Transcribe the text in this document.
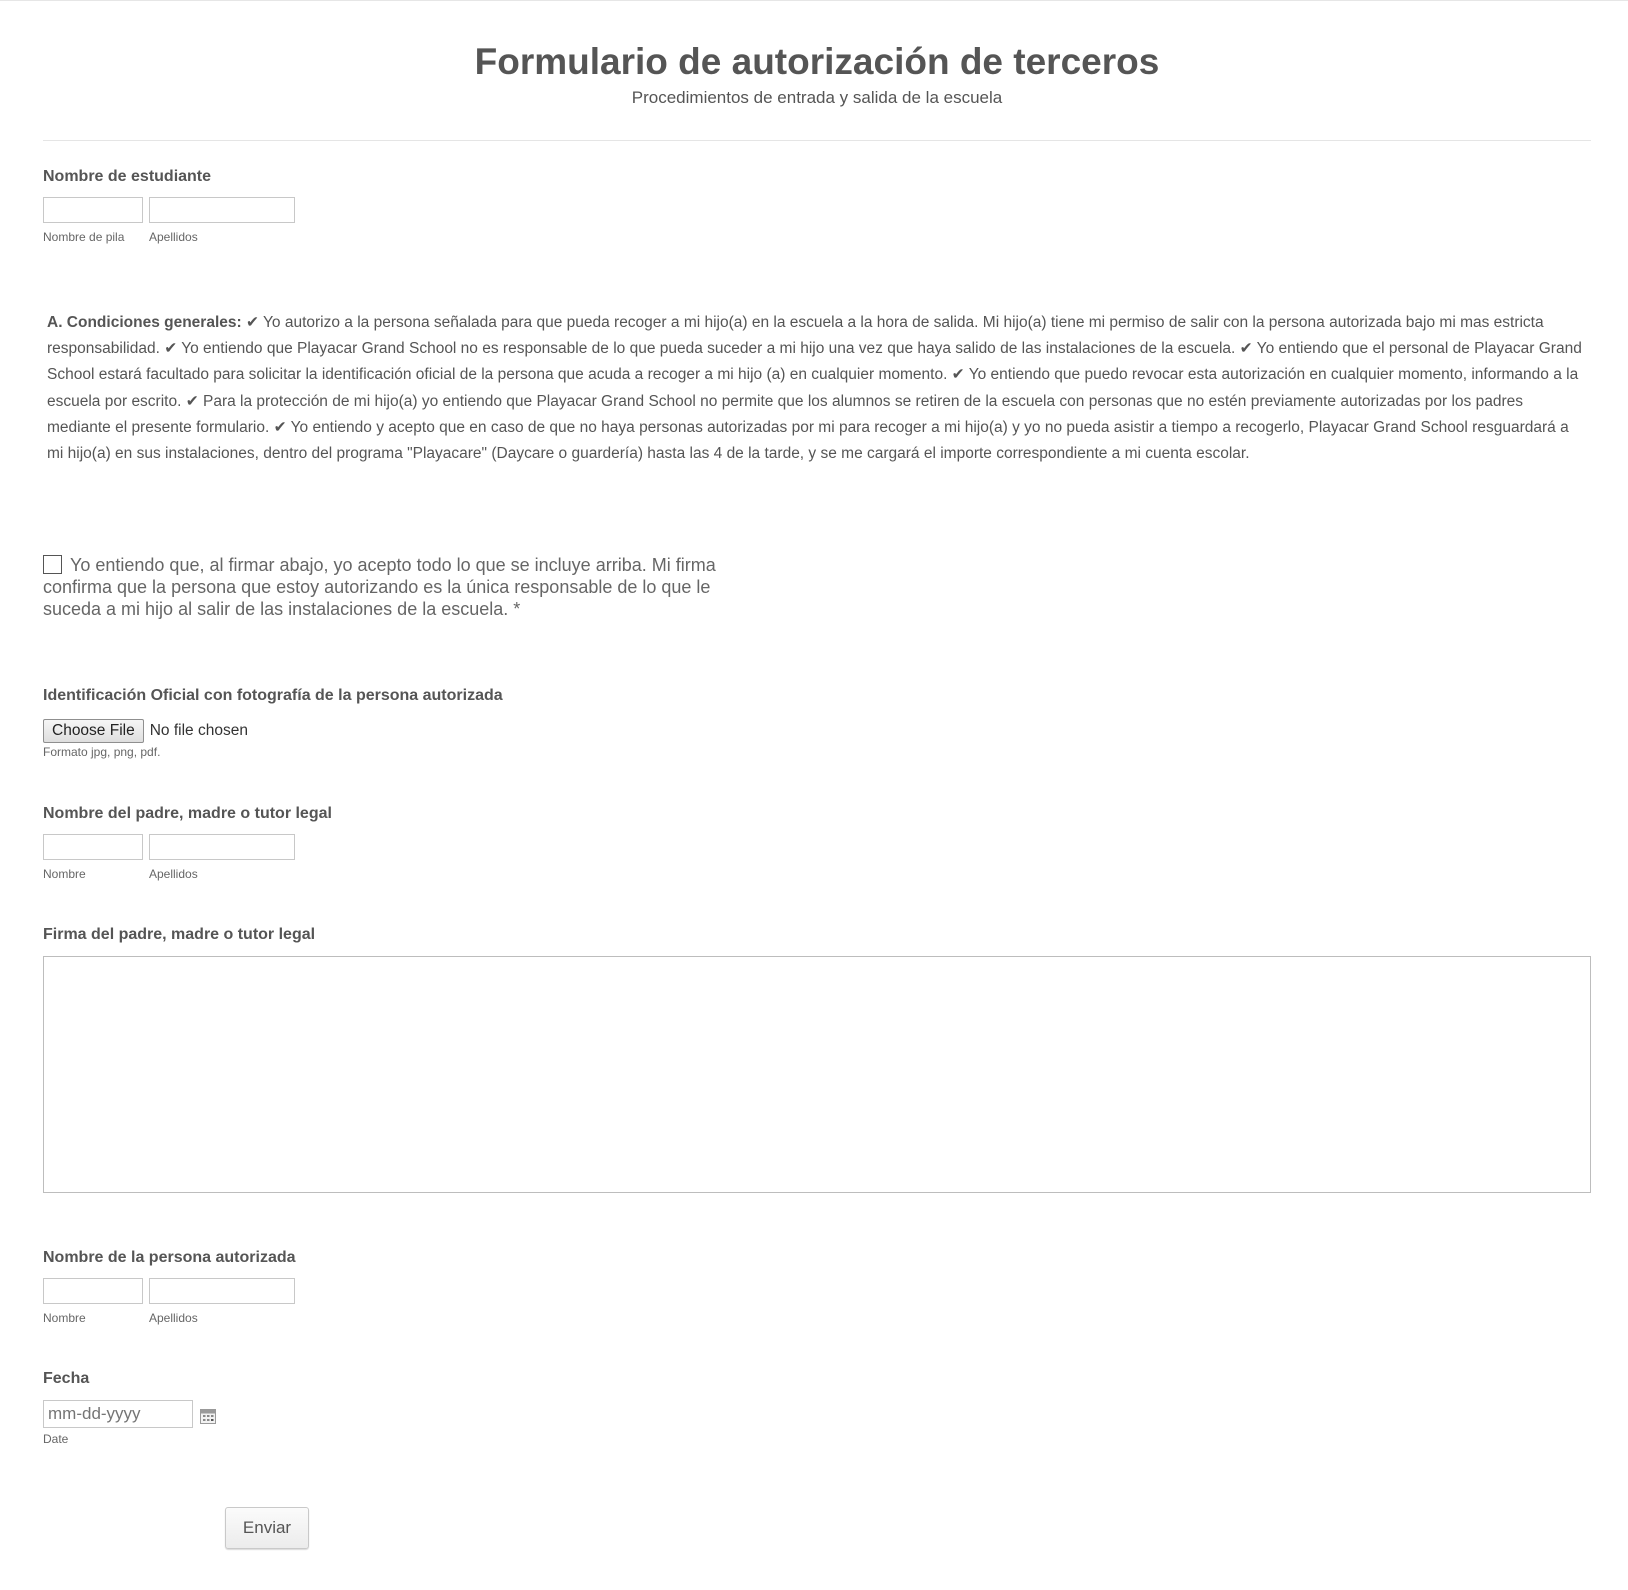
Formulario de autorización de terceros
Procedimientos de entrada y salida de la escuela
Nombre de estudiante
Nombre de pila Apellidos
A. Condiciones generales: ✔ Yo autorizo a la persona señalada para que pueda recoger a mi hijo(a) en la escuela a la hora de salida. Mi hijo(a) tiene mi permiso de salir con la persona autorizada bajo mi mas estricta responsabilidad. ✔ Yo entiendo que Playacar Grand School no es responsable de lo que pueda suceder a mi hijo una vez que haya salido de las instalaciones de la escuela. ✔ Yo entiendo que el personal de Playacar Grand School estará facultado para solicitar la identificación oficial de la persona que acuda a recoger a mi hijo (a) en cualquier momento. ✔ Yo entiendo que puedo revocar esta autorización en cualquier momento, informando a la escuela por escrito. ✔ Para la protección de mi hijo(a) yo entiendo que Playacar Grand School no permite que los alumnos se retiren de la escuela con personas que no estén previamente autorizadas por los padres mediante el presente formulario. ✔ Yo entiendo y acepto que en caso de que no haya personas autorizadas por mi para recoger a mi hijo(a) y yo no pueda asistir a tiempo a recogerlo, Playacar Grand School resguardará a mi hijo(a) en sus instalaciones, dentro del programa "Playacare" (Daycare o guardería) hasta las 4 de la tarde, y se me cargará el importe correspondiente a mi cuenta escolar.
Yo entiendo que, al firmar abajo, yo acepto todo lo que se incluye arriba. Mi firma confirma que la persona que estoy autorizando es la única responsable de lo que le suceda a mi hijo al salir de las instalaciones de la escuela. *
Identificación Oficial con fotografía de la persona autorizada
Choose File No file chosen
Formato jpg, png, pdf.
Nombre del padre, madre o tutor legal
Nombre	Apellidos
Firma del padre, madre o tutor legal
Nombre de la persona autorizada
Nombre	Apellidos
Fecha
mm-dd-yyyy
Date
Enviar
